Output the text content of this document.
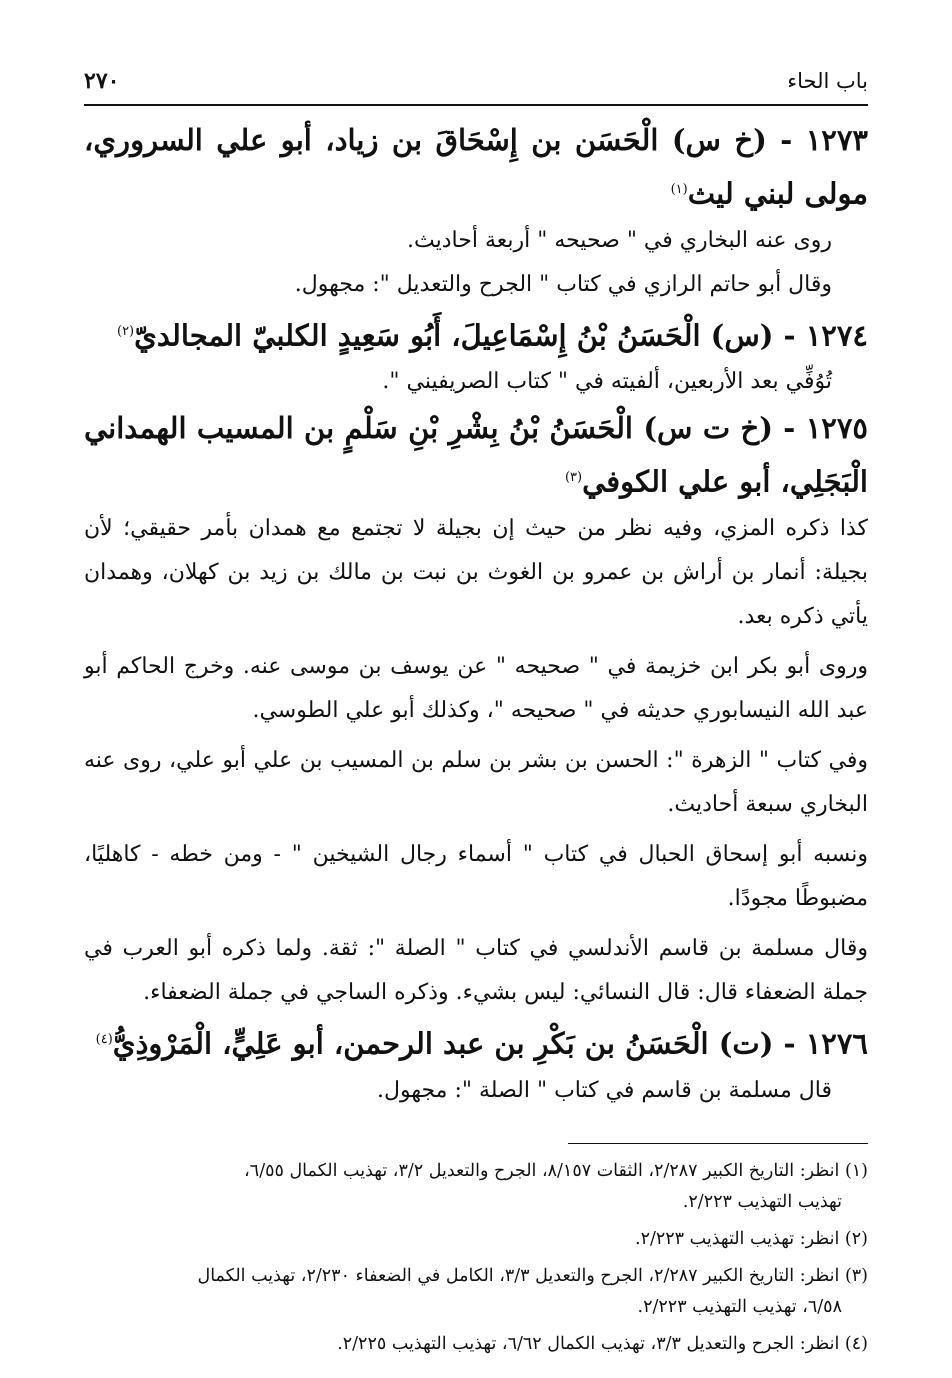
باب الحاء
٢٧٠

١٢٧٣ - (خ س) الْحَسَن بن إِسْحَاقَ بن زياد، أبو علي السروري، مولى لبني ليث$^{(١)}$

روى عنه البخاري في " صحيحه " أربعة أحاديث.

وقال أبو حاتم الرازي في كتاب " الجرح والتعديل ": مجهول.

١٢٧٤ - (س) الْحَسَنُ بْنُ إِسْمَاعِيلَ، أَبُو سَعِيدٍ الكلبيّ المجالديّ$^{(٢)}$

تُوُفِّي بعد الأربعين، ألفيته في " كتاب الصريفيني ".

١٢٧٥ - (خ ت س) الْحَسَنُ بْنُ بِشْرِ بْنِ سَلْمٍ بن المسيب الهمداني الْبَجَلِي، أبو علي الكوفي$^{(٣)}$

كذا ذكره المزي، وفيه نظر من حيث إن بجيلة لا تجتمع مع همدان بأمر حقيقي؛ لأن بجيلة: أنمار بن أراش بن عمرو بن الغوث بن نبت بن مالك بن زيد بن كهلان، وهمدان يأتي ذكره بعد.

وروى أبو بكر ابن خزيمة في " صحيحه " عن يوسف بن موسى عنه. وخرج الحاكم أبو عبد الله النيسابوري حديثه في " صحيحه "، وكذلك أبو علي الطوسي.

وفي كتاب " الزهرة ": الحسن بن بشر بن سلم بن المسيب بن علي أبو علي، روى عنه البخاري سبعة أحاديث.

ونسبه أبو إسحاق الحبال في كتاب " أسماء رجال الشيخين " - ومن خطه - كاهليًا، مضبوطًا مجودًا.

وقال مسلمة بن قاسم الأندلسي في كتاب " الصلة ": ثقة. ولما ذكره أبو العرب في جملة الضعفاء قال: قال النسائي: ليس بشيء. وذكره الساجي في جملة الضعفاء.

١٢٧٦ - (ت) الْحَسَنُ بن بَكْرِ بن عبد الرحمن، أبو عَلِيٍّ، الْمَرْوذِيُّ$^{(٤)}$

قال مسلمة بن قاسم في كتاب " الصلة ": مجهول.

(١) انظر: التاريخ الكبير ٢/٢٨٧، الثقات ٨/١٥٧، الجرح والتعديل ٣/٢، تهذيب الكمال ٦/٥٥،

تهذيب التهذيب ٢/٢٢٣.

(٢) انظر: تهذيب التهذيب ٢/٢٢٣.

(٣) انظر: التاريخ الكبير ٢/٢٨٧، الجرح والتعديل ٣/٣، الكامل في الضعفاء ٢/٢٣٠، تهذيب الكمال

٦/٥٨، تهذيب التهذيب ٢/٢٢٣.

(٤) انظر: الجرح والتعديل ٣/٣، تهذيب الكمال ٦/٦٢، تهذيب التهذيب ٢/٢٢٥.
